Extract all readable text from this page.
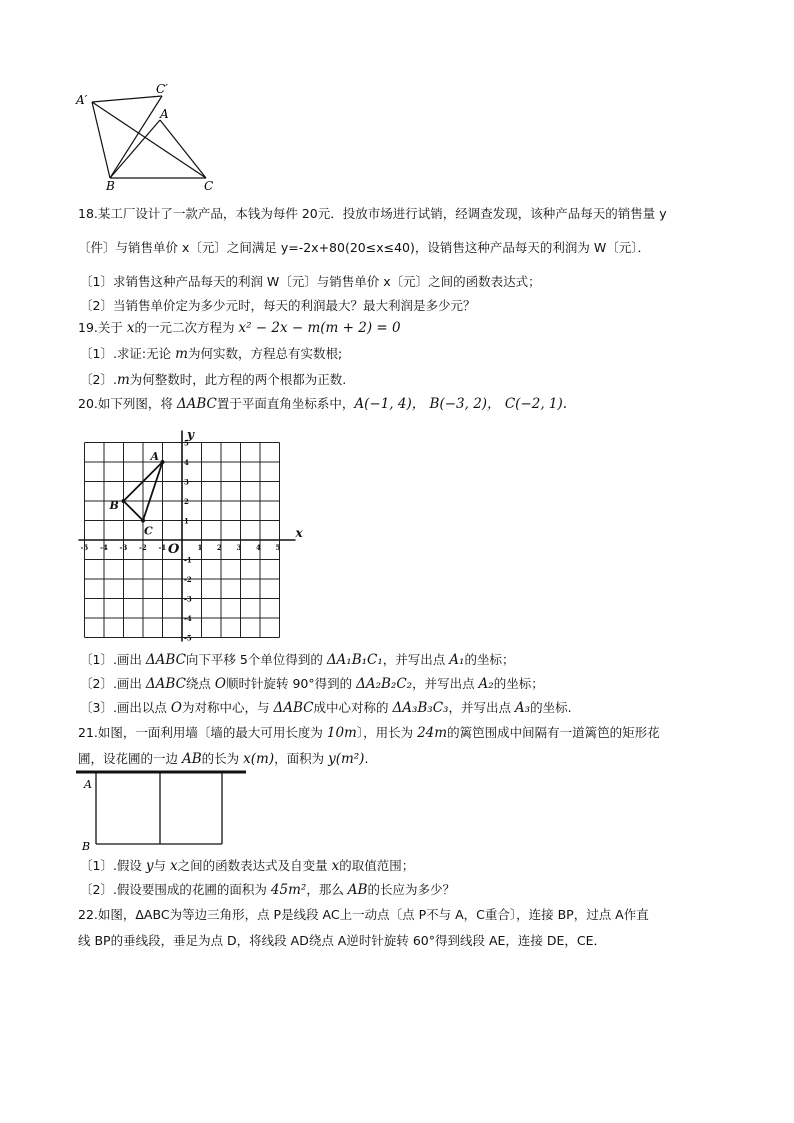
A′
C′
A
B	C
18.某工厂设计了一款产品，本钱为每件 20元．投放市场进行试销，经调查发现，该种产品每天的销售量 y
〔件〕与销售单价 x〔元〕之间满足 y=-2x+80(20≤x≤40)，设销售这种产品每天的利润为 W〔元〕．
〔1〕求销售这种产品每天的利润 W〔元〕与销售单价 x〔元〕之间的函数表达式；
〔2〕当销售单价定为多少元时，每天的利润最大？最大利润是多少元？
19.关于 x的一元二次方程为 x² − 2x − m(m + 2) = 0
〔1〕.求证:无论 m为何实数，方程总有实数根;
〔2〕.m为何整数时，此方程的两个根都为正数.
20.如下列图，将 ΔABC置于平面直角坐标系中，A(−1, 4)， B(−3, 2)， C(−2, 1).
-5 -4 -3 -2 -1	1 2 3 4 5
5
4
3
2
1
-1
-2
-3
-4
-5
x
y
O
A
B
C
〔1〕.画出 ΔABC向下平移 5个单位得到的 ΔA₁B₁C₁，并写出点 A₁的坐标；
〔2〕.画出 ΔABC绕点 O顺时针旋转 90°得到的 ΔA₂B₂C₂，并写出点 A₂的坐标；
〔3〕.画出以点 O为对称中心，与 ΔABC成中心对称的 ΔA₃B₃C₃，并写出点 A₃的坐标.
21.如图，一面利用墙〔墙的最大可用长度为 10m〕，用长为 24m的篱笆围成中间隔有一道篱笆的矩形花
圃，设花圃的一边 AB的长为 x(m)，面积为 y(m²).
A
B
〔1〕.假设 y与 x之间的函数表达式及自变量 x的取值范围；
〔2〕.假设要围成的花圃的面积为 45m²，那么 AB的长应为多少？
22.如图，ΔABC为等边三角形，点 P是线段 AC上一动点〔点 P不与 A，C重合〕，连接 BP，过点 A作直
线 BP的垂线段，垂足为点 D，将线段 AD绕点 A逆时针旋转 60°得到线段 AE，连接 DE，CE．
